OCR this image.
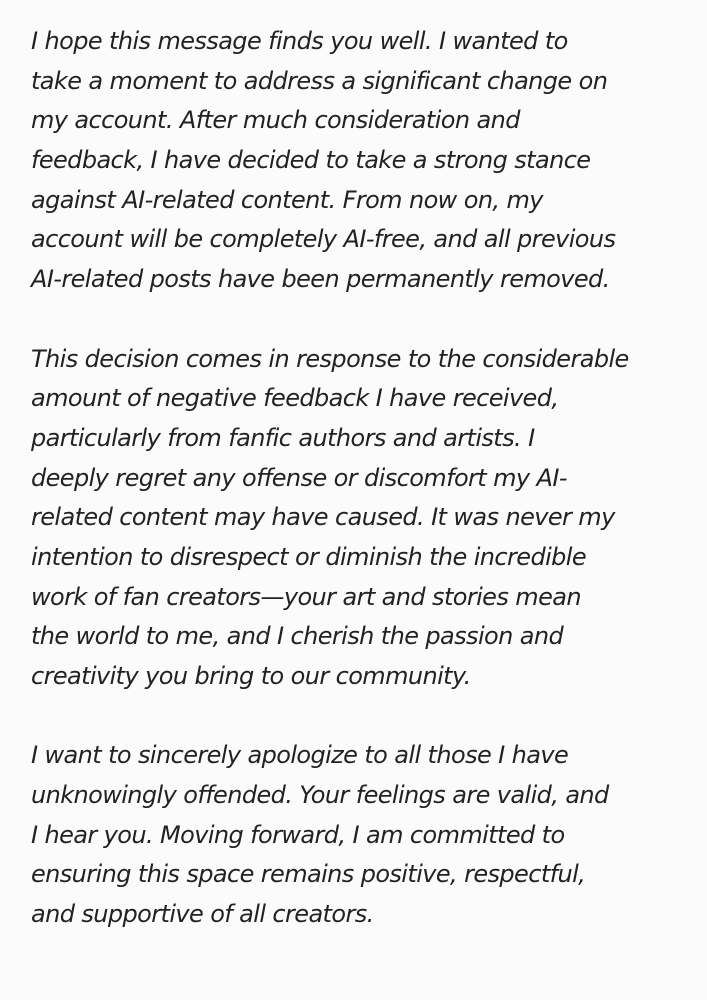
I hope this message finds you well. I wanted to
take a moment to address a significant change on
my account. After much consideration and
feedback, I have decided to take a strong stance
against AI-related content. From now on, my
account will be completely AI-free, and all previous
AI-related posts have been permanently removed.
This decision comes in response to the considerable
amount of negative feedback I have received,
particularly from fanfic authors and artists. I
deeply regret any offense or discomfort my AI-
related content may have caused. It was never my
intention to disrespect or diminish the incredible
work of fan creators—your art and stories mean
the world to me, and I cherish the passion and
creativity you bring to our community.
I want to sincerely apologize to all those I have
unknowingly offended. Your feelings are valid, and
I hear you. Moving forward, I am committed to
ensuring this space remains positive, respectful,
and supportive of all creators.
